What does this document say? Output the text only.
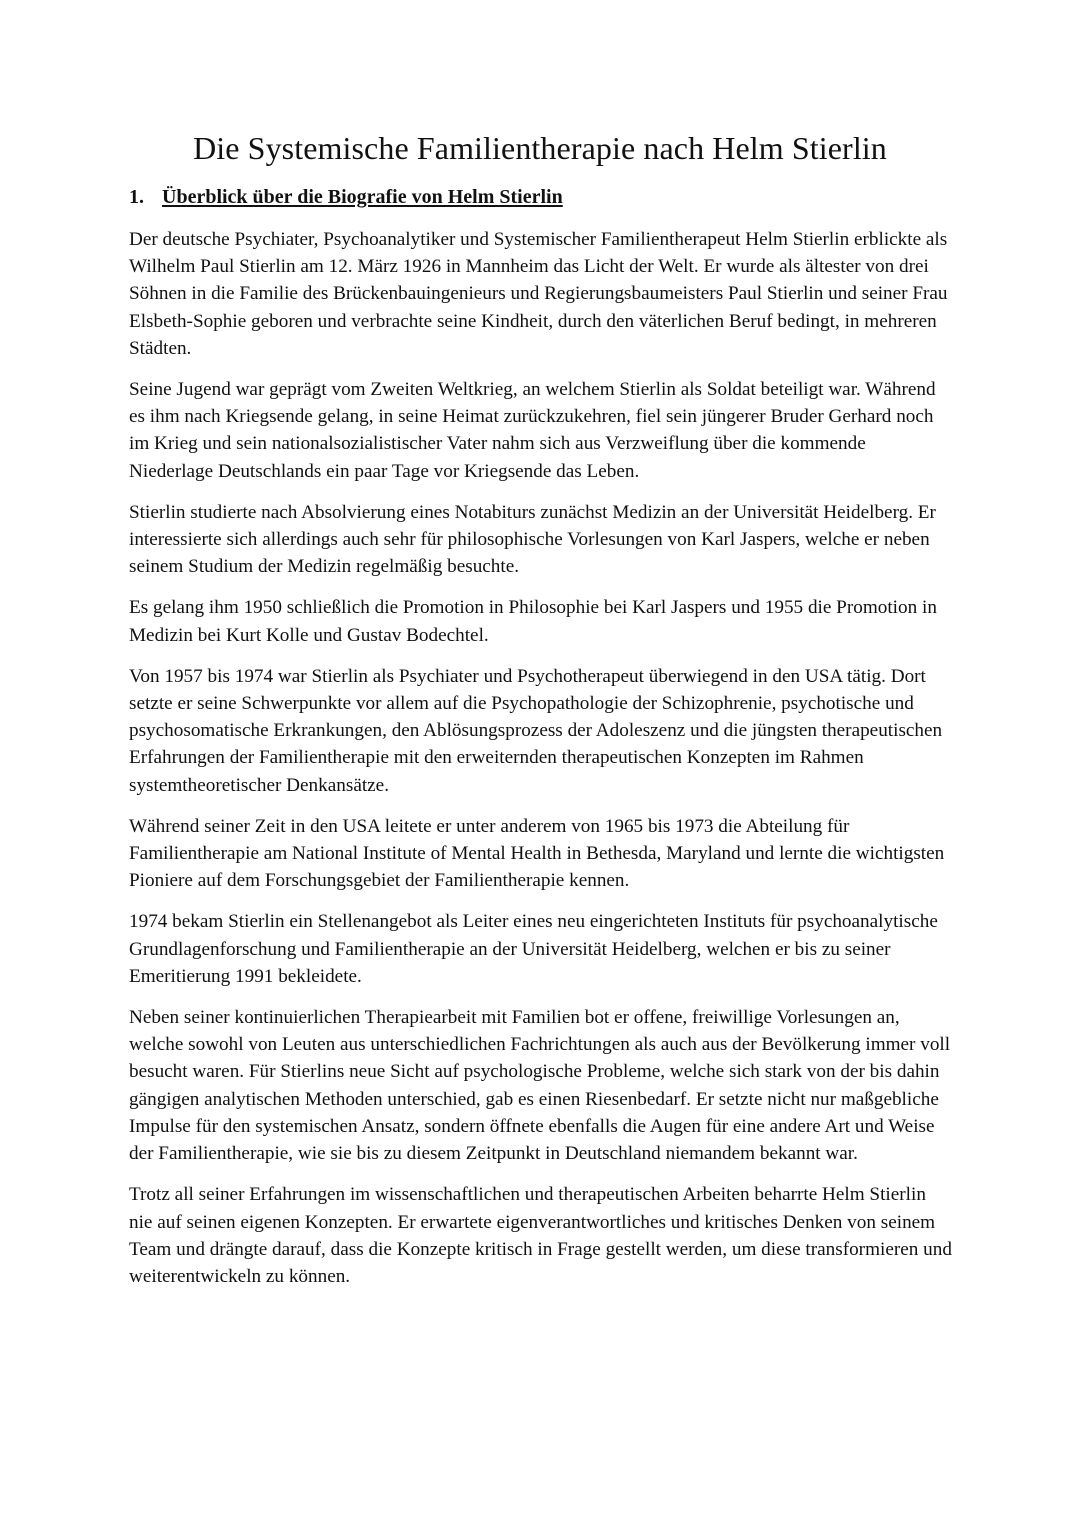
Die Systemische Familientherapie nach Helm Stierlin
1. Überblick über die Biografie von Helm Stierlin

Der deutsche Psychiater, Psychoanalytiker und Systemischer Familientherapeut Helm Stierlin erblickte als Wilhelm Paul Stierlin am 12. März 1926 in Mannheim das Licht der Welt. Er wurde als ältester von drei Söhnen in die Familie des Brückenbauingenieurs und Regierungsbaumeisters Paul Stierlin und seiner Frau Elsbeth-Sophie geboren und verbrachte seine Kindheit, durch den väterlichen Beruf bedingt, in mehreren Städten.

Seine Jugend war geprägt vom Zweiten Weltkrieg, an welchem Stierlin als Soldat beteiligt war. Während es ihm nach Kriegsende gelang, in seine Heimat zurückzukehren, fiel sein jüngerer Bruder Gerhard noch im Krieg und sein nationalsozialistischer Vater nahm sich aus Verzweiflung über die kommende Niederlage Deutschlands ein paar Tage vor Kriegsende das Leben.

Stierlin studierte nach Absolvierung eines Notabiturs zunächst Medizin an der Universität Heidelberg. Er interessierte sich allerdings auch sehr für philosophische Vorlesungen von Karl Jaspers, welche er neben seinem Studium der Medizin regelmäßig besuchte.

Es gelang ihm 1950 schließlich die Promotion in Philosophie bei Karl Jaspers und 1955 die Promotion in Medizin bei Kurt Kolle und Gustav Bodechtel.

Von 1957 bis 1974 war Stierlin als Psychiater und Psychotherapeut überwiegend in den USA tätig. Dort setzte er seine Schwerpunkte vor allem auf die Psychopathologie der Schizophrenie, psychotische und psychosomatische Erkrankungen, den Ablösungsprozess der Adoleszenz und die jüngsten therapeutischen Erfahrungen der Familientherapie mit den erweiternden therapeutischen Konzepten im Rahmen systemtheoretischer Denkansätze.

Während seiner Zeit in den USA leitete er unter anderem von 1965 bis 1973 die Abteilung für Familientherapie am National Institute of Mental Health in Bethesda, Maryland und lernte die wichtigsten Pioniere auf dem Forschungsgebiet der Familientherapie kennen.

1974 bekam Stierlin ein Stellenangebot als Leiter eines neu eingerichteten Instituts für psychoanalytische Grundlagenforschung und Familientherapie an der Universität Heidelberg, welchen er bis zu seiner Emeritierung 1991 bekleidete.

Neben seiner kontinuierlichen Therapiearbeit mit Familien bot er offene, freiwillige Vorlesungen an, welche sowohl von Leuten aus unterschiedlichen Fachrichtungen als auch aus der Bevölkerung immer voll besucht waren. Für Stierlins neue Sicht auf psychologische Probleme, welche sich stark von der bis dahin gängigen analytischen Methoden unterschied, gab es einen Riesenbedarf. Er setzte nicht nur maßgebliche Impulse für den systemischen Ansatz, sondern öffnete ebenfalls die Augen für eine andere Art und Weise der Familientherapie, wie sie bis zu diesem Zeitpunkt in Deutschland niemandem bekannt war.

Trotz all seiner Erfahrungen im wissenschaftlichen und therapeutischen Arbeiten beharrte Helm Stierlin nie auf seinen eigenen Konzepten. Er erwartete eigenverantwortliches und kritisches Denken von seinem Team und drängte darauf, dass die Konzepte kritisch in Frage gestellt werden, um diese transformieren und weiterentwickeln zu können.
